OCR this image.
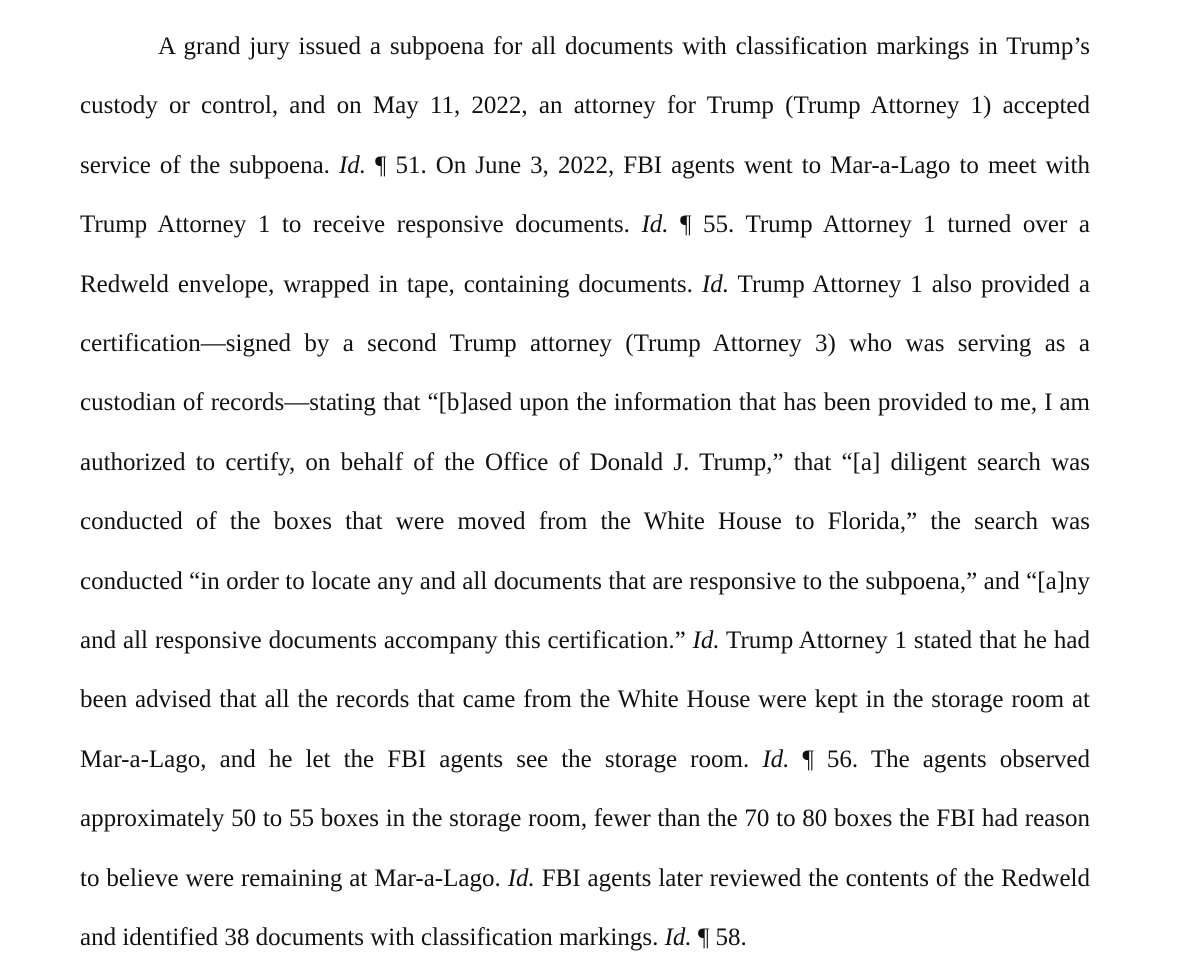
A grand jury issued a subpoena for all documents with classification markings in Trump’s custody or control, and on May 11, 2022, an attorney for Trump (Trump Attorney 1) accepted service of the subpoena. Id. ¶ 51. On June 3, 2022, FBI agents went to Mar-a-Lago to meet with Trump Attorney 1 to receive responsive documents. Id. ¶ 55. Trump Attorney 1 turned over a Redweld envelope, wrapped in tape, containing documents. Id. Trump Attorney 1 also provided a certification—signed by a second Trump attorney (Trump Attorney 3) who was serving as a custodian of records—stating that “[b]ased upon the information that has been provided to me, I am authorized to certify, on behalf of the Office of Donald J. Trump,” that “[a] diligent search was conducted of the boxes that were moved from the White House to Florida,” the search was conducted “in order to locate any and all documents that are responsive to the subpoena,” and “[a]ny and all responsive documents accompany this certification.” Id. Trump Attorney 1 stated that he had been advised that all the records that came from the White House were kept in the storage room at Mar-a-Lago, and he let the FBI agents see the storage room. Id. ¶ 56. The agents observed approximately 50 to 55 boxes in the storage room, fewer than the 70 to 80 boxes the FBI had reason to believe were remaining at Mar-a-Lago. Id. FBI agents later reviewed the contents of the Redweld and identified 38 documents with classification markings. Id. ¶ 58.
